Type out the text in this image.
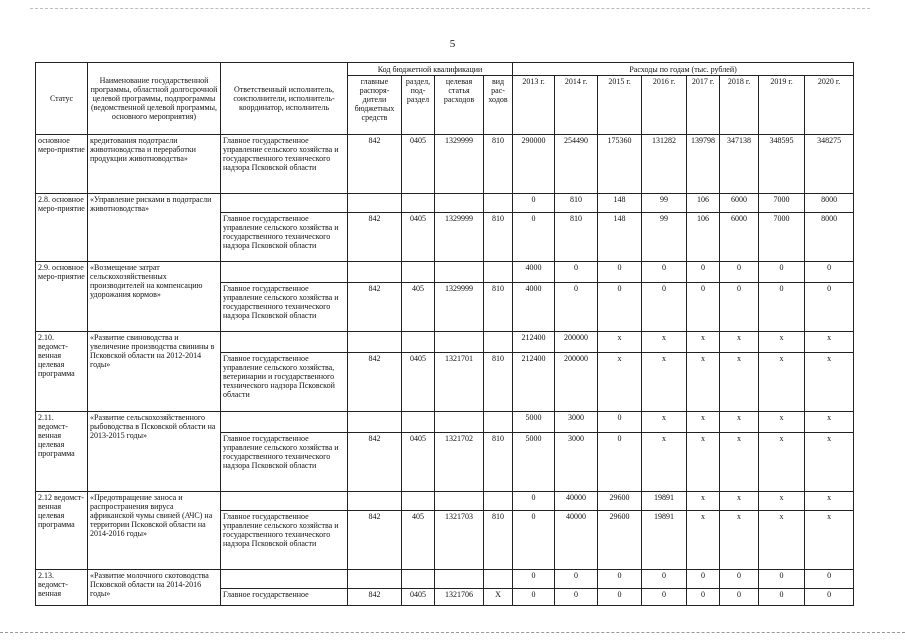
5
Статус	Наименование государственной программы, областной долгосрочной целевой программы, подпрограммы (ведомственной целевой программы, основного мероприятия)	Ответственный исполнитель, соисполнители, исполнитель-координатор, исполнитель	Код бюджетной квалификации				Расходы по годам (тыс. рублей)							
			главные распоря-дители бюджетных средств	раздел, под-раздел	целевая статья расходов	вид рас-ходов	2013 г.	2014 г.	2015 г.	2016 г.	2017 г.	2018 г.	2019 г.	2020 г.
основное меро-приятие	кредитования подотрасли животноводства и переработки продукции животноводства»	Главное государственное управление сельского хозяйства и государственного технического надзора Псковской области	842	0405	1329999	810	290000	254490	175360	131282	139798	347138	348595	348275
2.8. основное меро-приятие	«Управление рисками в подотрасли животноводства»						0	810	148	99	106	6000	7000	8000
		Главное государственное управление сельского хозяйства и государственного технического надзора Псковской области	842	0405	1329999	810	0	810	148	99	106	6000	7000	8000
2.9. основное меро-приятие	«Возмещение затрат сельскохозяйственных производителей на компенсацию удорожания кормов»						4000	0	0	0	0	0	0	0
		Главное государственное управление сельского хозяйства и государственного технического надзора Псковской области	842	405	1329999	810	4000	0	0	0	0	0	0	0
2.10. ведомст-венная целевая программа	«Развитие свиноводства и увеличение производства свинины в Псковской области на 2012-2014 годы»						212400	200000	x	x	x	x	x	x
		Главное государственное управление сельского хозяйства, ветеринарии и государственного технического надзора Псковской области	842	0405	1321701	810	212400	200000	x	x	x	x	x	x
2.11. ведомст-венная целевая программа	«Развитие сельскохозяйственного рыбоводства в Псковской области на 2013-2015 годы»						5000	3000	0	x	x	x	x	x
		Главное государственное управление сельского хозяйства и государственного технического надзора Псковской области	842	0405	1321702	810	5000	3000	0	x	x	x	x	x
2.12 ведомст-венная целевая программа	«Предотвращение заноса и распространения вируса африканской чумы свиней (АЧС) на территории Псковской области на 2014-2016 годы»						0	40000	29600	19891	x	x	x	x
		Главное государственное управление сельского хозяйства и государственного технического надзора Псковской области	842	405	1321703	810	0	40000	29600	19891	x	x	x	x
2.13. ведомст-венная	«Развитие молочного скотоводства Псковской области на 2014-2016 годы»						0	0	0	0	0	0	0	0
		Главное государственное	842	0405	1321706	X	0	0	0	0	0	0	0	0
